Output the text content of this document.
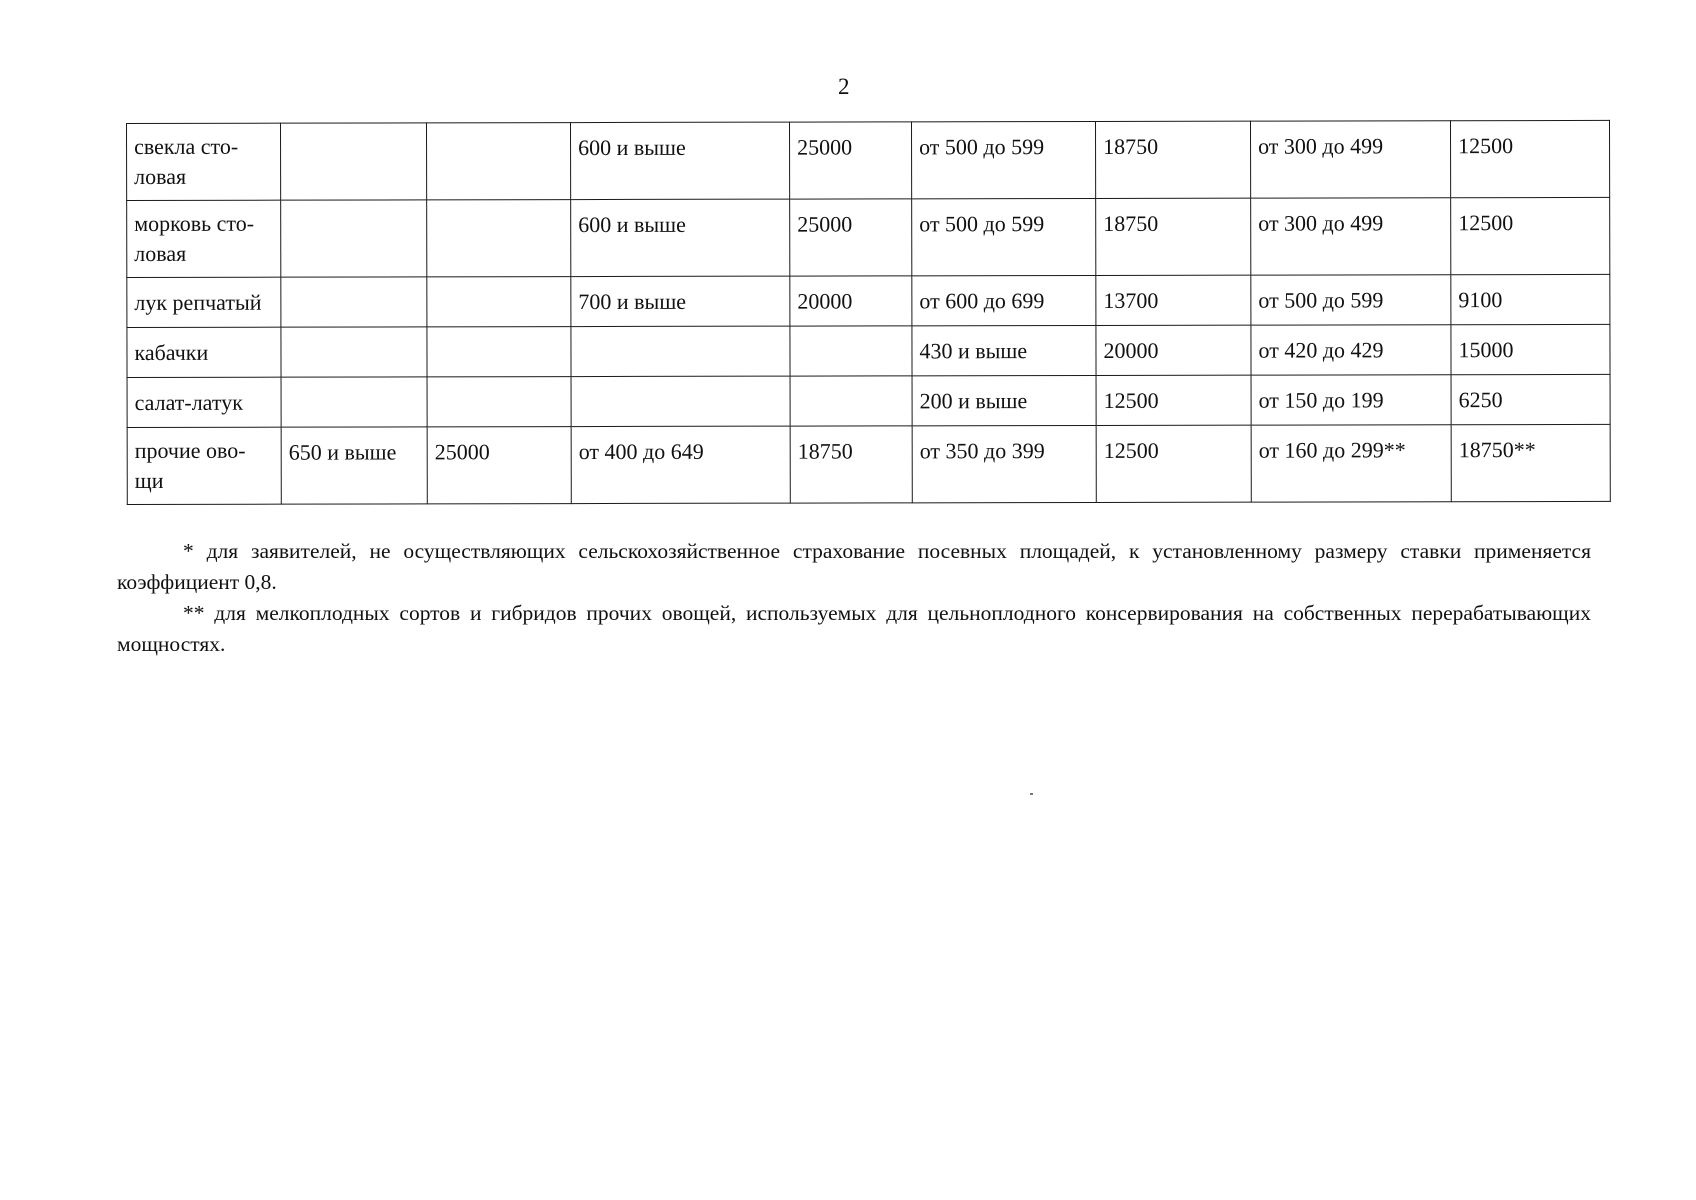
2
свекла сто-
ловая			600 и выше	25000	от 500 до 599	18750	от 300 до 499	12500
морковь сто-
ловая			600 и выше	25000	от 500 до 599	18750	от 300 до 499	12500
лук репчатый			700 и выше	20000	от 600 до 699	13700	от 500 до 599	9100
кабачки					430 и выше	20000	от 420 до 429	15000
салат-латук					200 и выше	12500	от 150 до 199	6250
прочие ово-
щи	650 и выше	25000	от 400 до 649	18750	от 350 до 399	12500	от 160 до 299**	18750**

* для заявителей, не осуществляющих сельскохозяйственное страхование посевных площадей, к установленному размеру ставки применяется коэффициент 0,8.

** для мелкоплодных сортов и гибридов прочих овощей, используемых для цельноплодного консервирования на собственных перерабатывающих мощностях.
